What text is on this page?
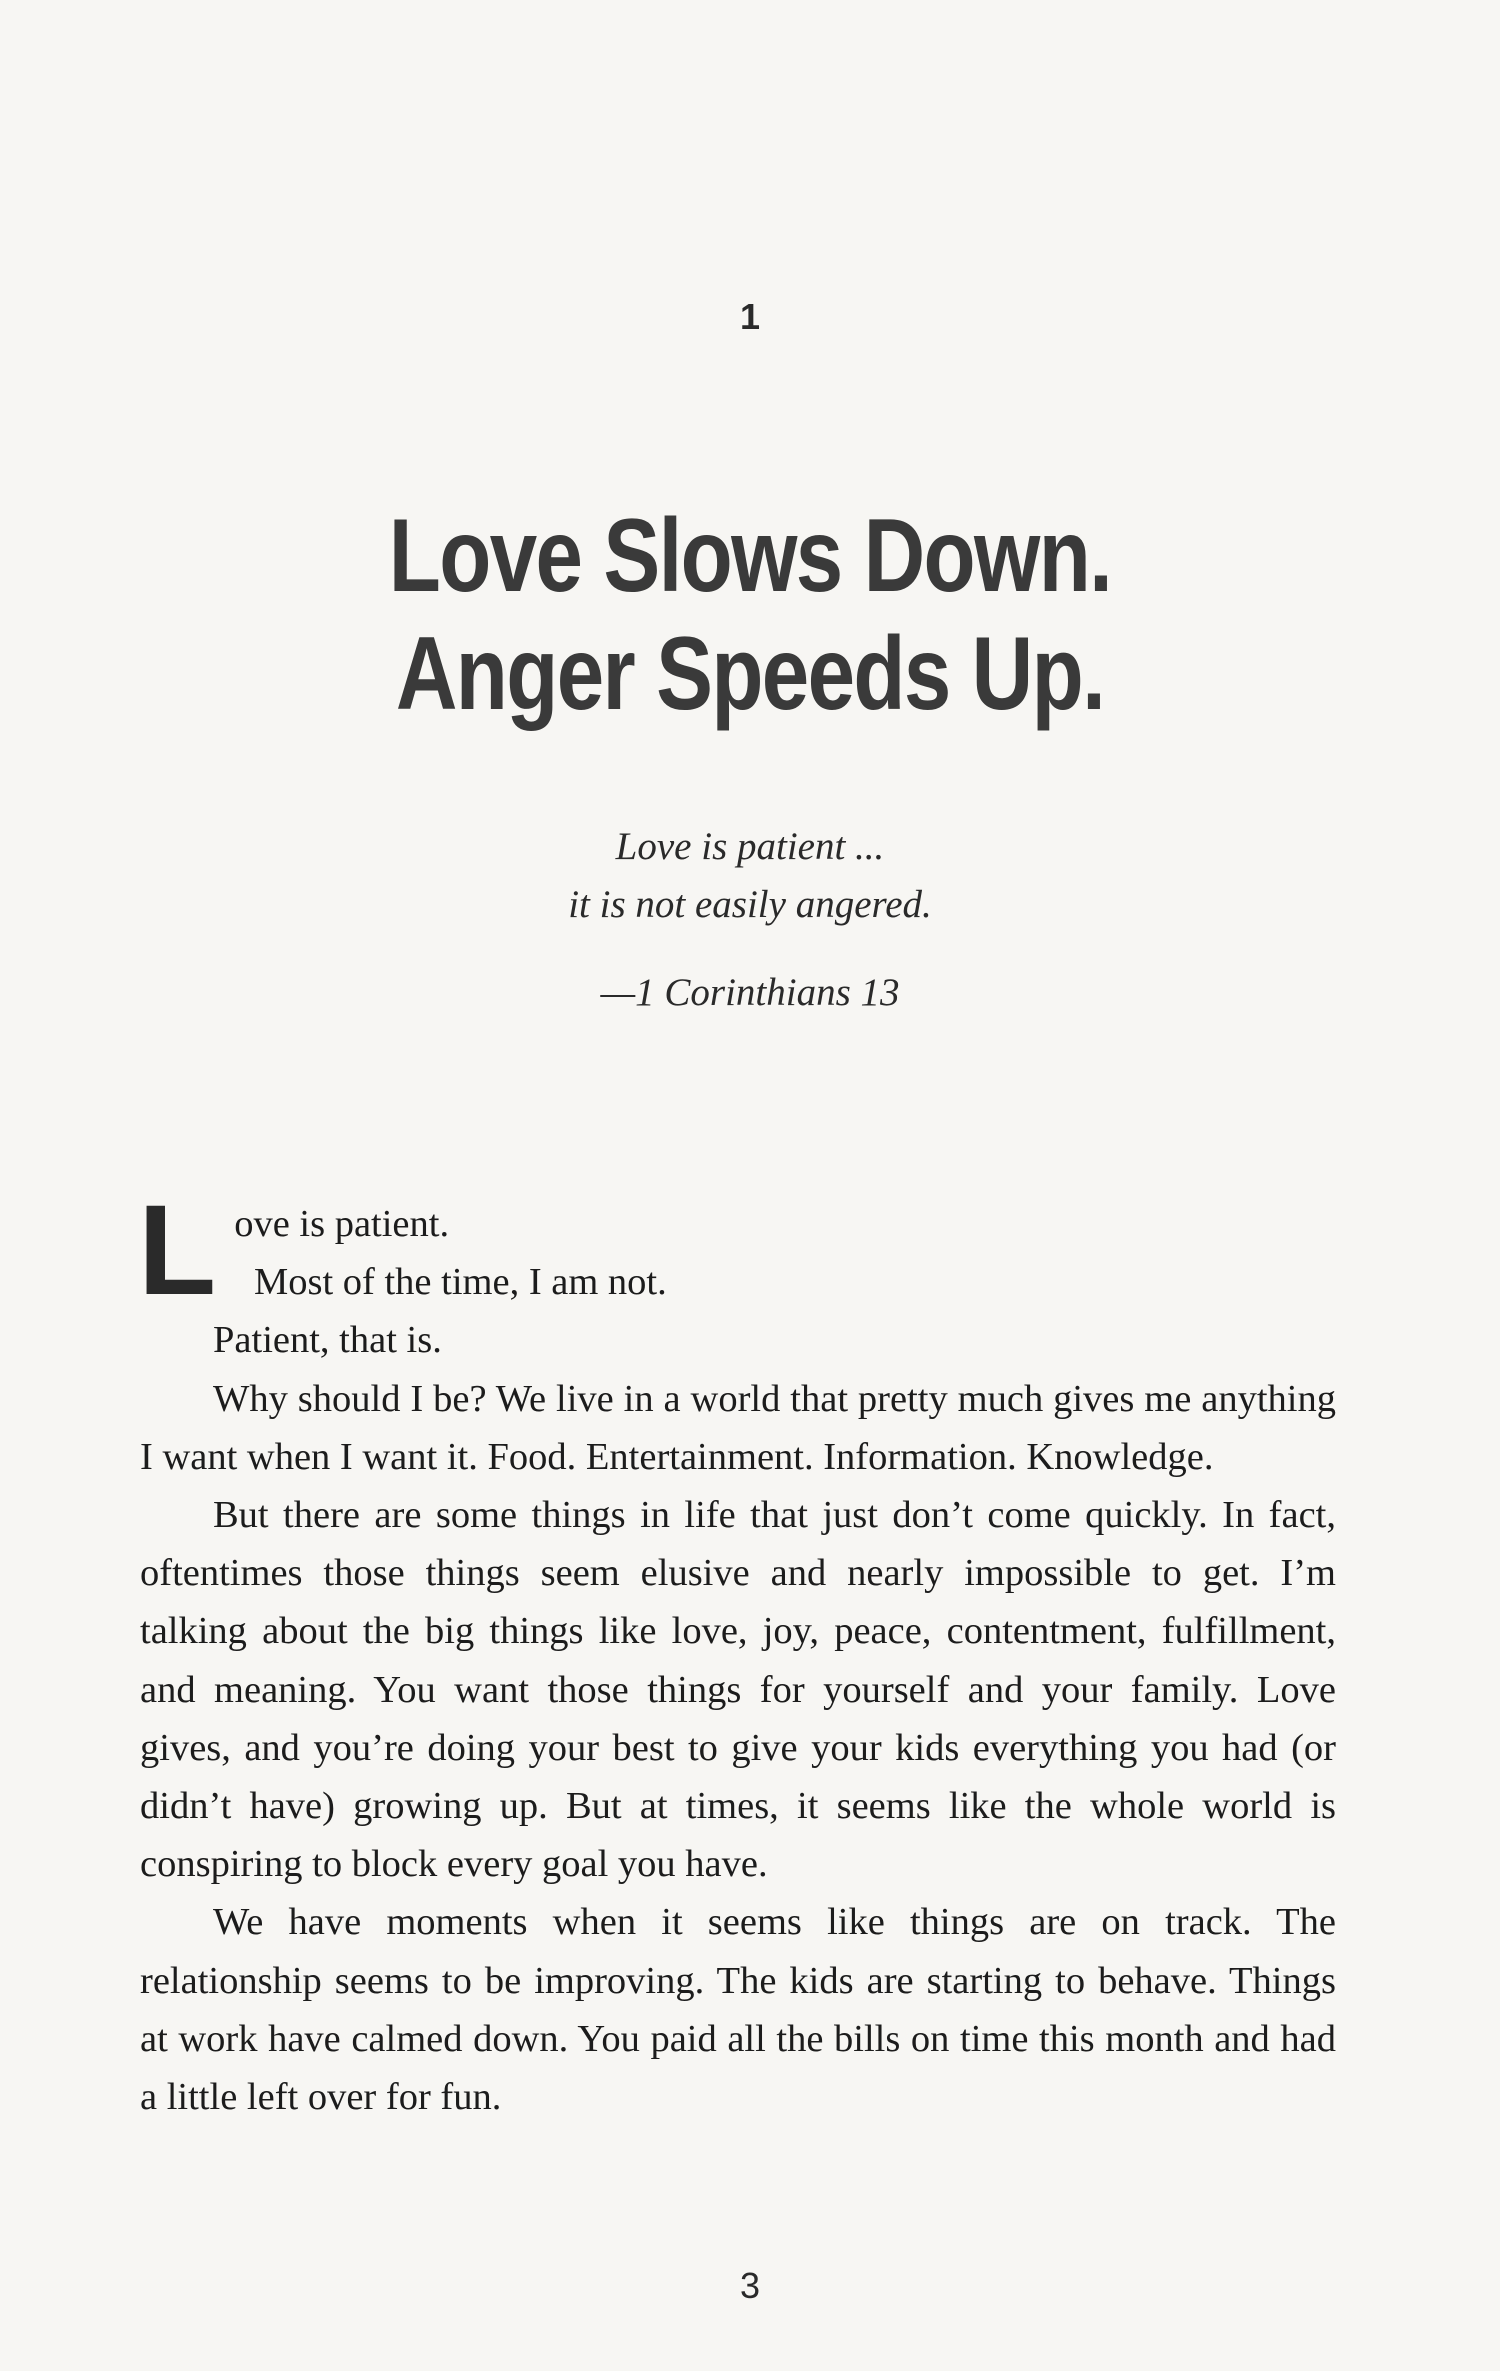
1
Love Slows Down.
Anger Speeds Up.
Love is patient ...
it is not easily angered.
—1 Corinthians 13
L ove is patient.

Most of the time, I am not.

Patient, that is.

Why should I be? We live in a world that pretty much gives me anything I want when I want it. Food. Entertainment. Information. Knowledge.

But there are some things in life that just don’t come quickly. In fact, oftentimes those things seem elusive and nearly impossible to get. I’m talking about the big things like love, joy, peace, contentment, fulfillment, and meaning. You want those things for yourself and your family. Love gives, and you’re doing your best to give your kids everything you had (or didn’t have) growing up. But at times, it seems like the whole world is conspiring to block every goal you have.

We have moments when it seems like things are on track. The relationship seems to be improving. The kids are starting to behave. Things at work have calmed down. You paid all the bills on time this month and had a little left over for fun.

3
